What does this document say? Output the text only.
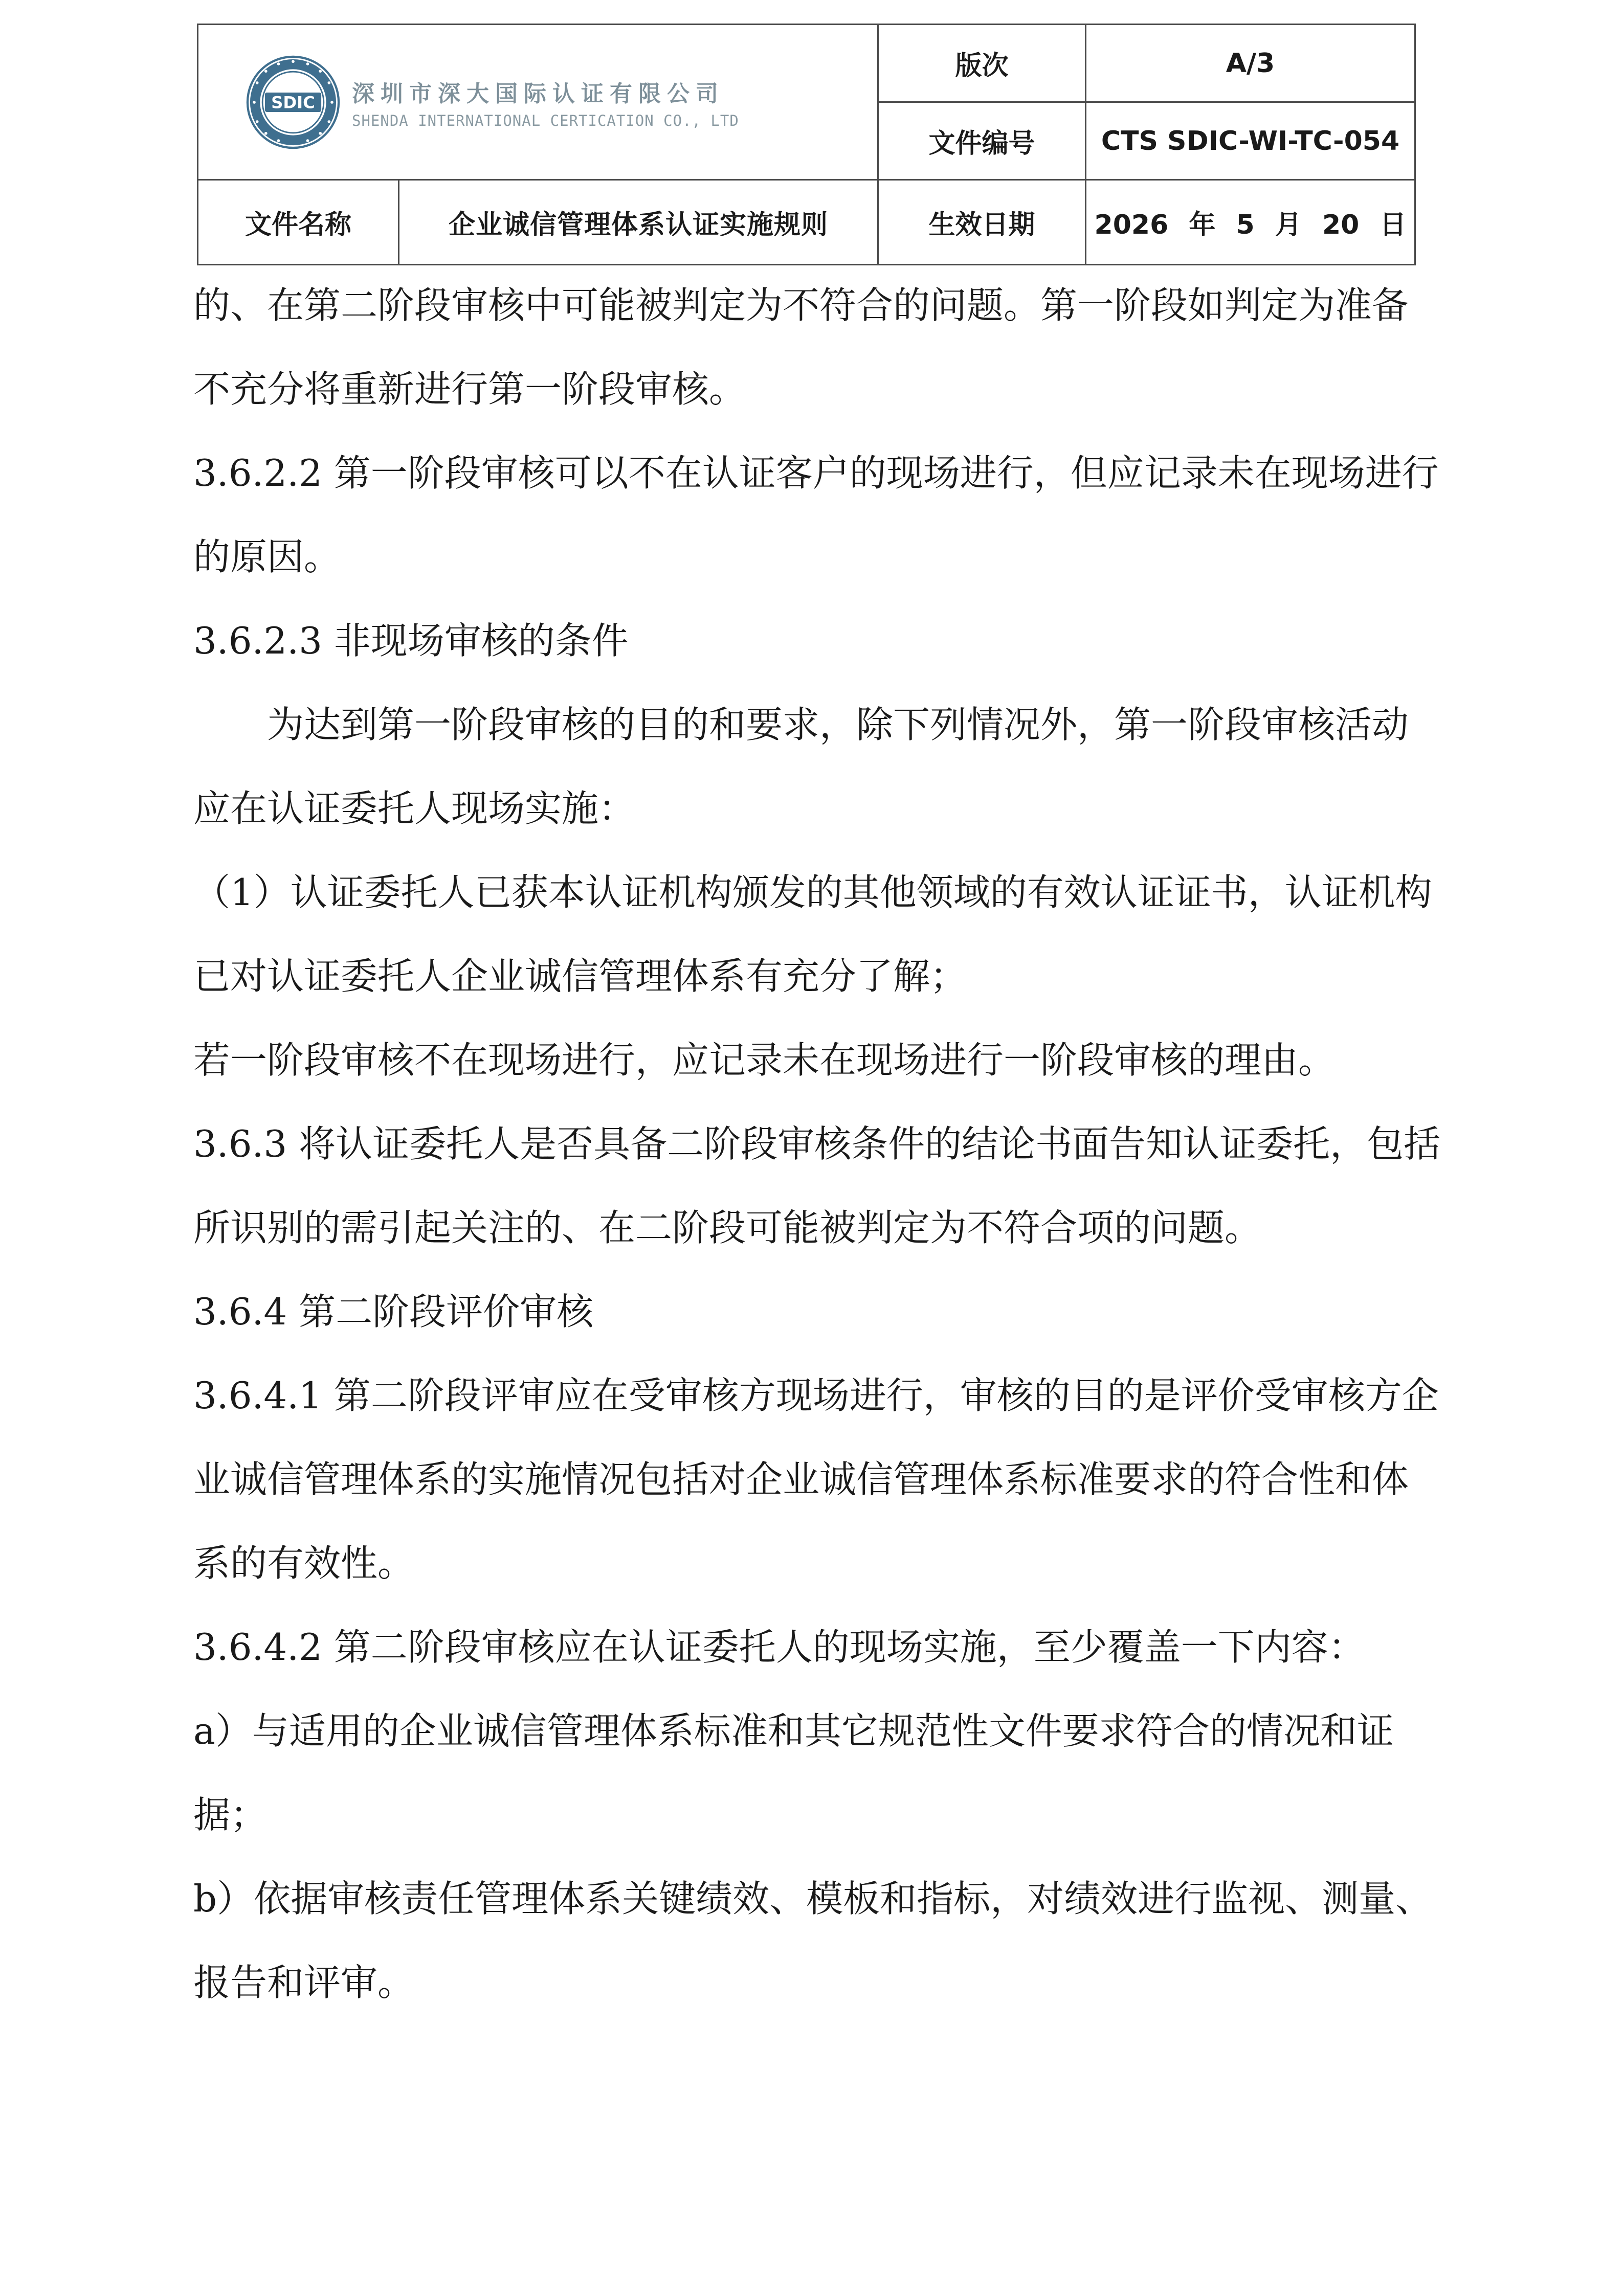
SDIC 深圳市深大国际认证有限公司
SHENDA INTERNATIONAL CERTICATION CO., LTD		版次	A/3
		文件编号	CTS SDIC-WI-TC-054
文件名称	企业诚信管理体系认证实施规则	生效日期	2026 年 5 月 20 日

的、在第二阶段审核中可能被判定为不符合的问题。第一阶段如判定为准备不充分将重新进行第一阶段审核。

3.6.2.2 第一阶段审核可以不在认证客户的现场进行，但应记录未在现场进行的原因。

3.6.2.3 非现场审核的条件

为达到第一阶段审核的目的和要求，除下列情况外，第一阶段审核活动应在认证委托人现场实施：

（1）认证委托人已获本认证机构颁发的其他领域的有效认证证书，认证机构已对认证委托人企业诚信管理体系有充分了解；

若一阶段审核不在现场进行，应记录未在现场进行一阶段审核的理由。

3.6.3 将认证委托人是否具备二阶段审核条件的结论书面告知认证委托，包括所识别的需引起关注的、在二阶段可能被判定为不符合项的问题。

3.6.4 第二阶段评价审核

3.6.4.1 第二阶段评审应在受审核方现场进行，审核的目的是评价受审核方企业诚信管理体系的实施情况包括对企业诚信管理体系标准要求的符合性和体系的有效性。

3.6.4.2 第二阶段审核应在认证委托人的现场实施，至少覆盖一下内容：

a）与适用的企业诚信管理体系标准和其它规范性文件要求符合的情况和证据；

b）依据审核责任管理体系关键绩效、模板和指标，对绩效进行监视、测量、报告和评审。
